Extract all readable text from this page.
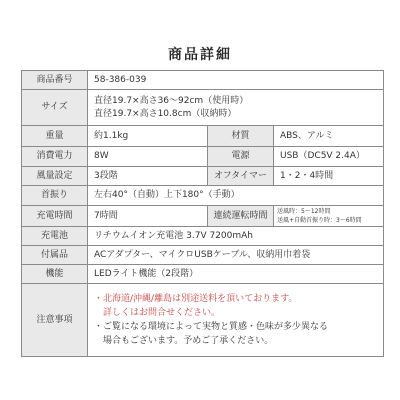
商品詳細
商品番号	58-386-039		
サイズ	直径19.7×高さ36〜92cm（使用時）
直径19.7×高さ10.8cm（収納時）		

重量	約1.1kg	材質	ABS、アルミ
消費電力	8W	電源	USB（DC5V 2.4A）
風量設定	3段階	オフタイマー	1・2・4時間
首振り	左右40°（自動）上下180°（手動）		
充電時間	7時間	連続運転時間	送風時：5〜12時間
送風+自動首振り時：3〜6時間

充電池	リチウムイオン充電池 3.7V 7200mAh		
付属品	ACアダプター、マイクロUSBケーブル、収納用巾着袋		
機能	LEDライト機能（2段階）		
注意事項	・北海道/沖縄/離島は別途送料を頂いております。
　詳しくはお問合せください。
・ご覧になる環境によって実物と質感・色味が多少異なる
　場合もございます。予めご了承ください。		
